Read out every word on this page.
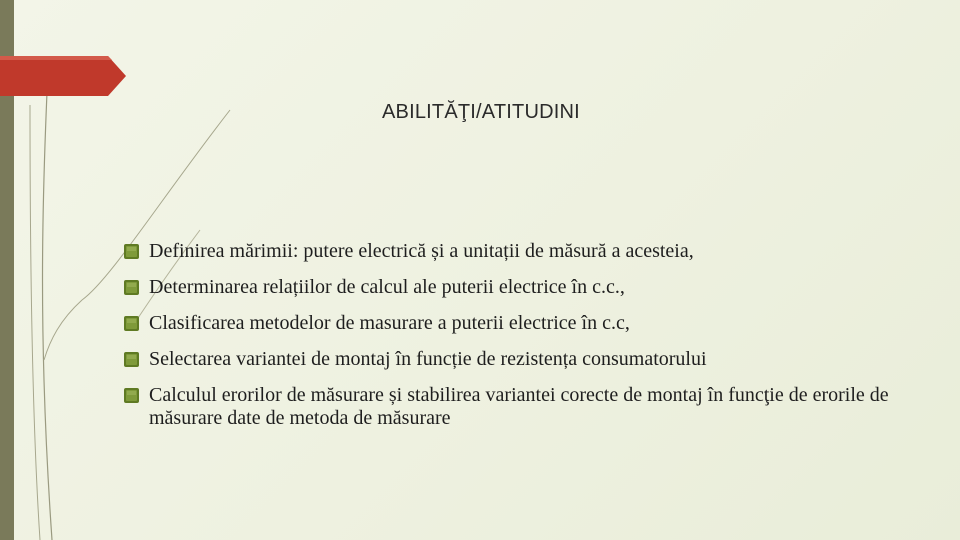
ABILITĂŢI/ATITUDINI
Definirea mărimii: putere electrică și a unitații de măsură a acesteia,
Determinarea relațiilor de calcul ale puterii electrice în c.c.,
Clasificarea metodelor de masurare a puterii electrice în c.c,
Selectarea variantei de montaj în funcție de rezistența consumatorului
Calculul erorilor de măsurare și stabilirea variantei corecte de montaj în funcţie de erorile de măsurare date de metoda de măsurare
